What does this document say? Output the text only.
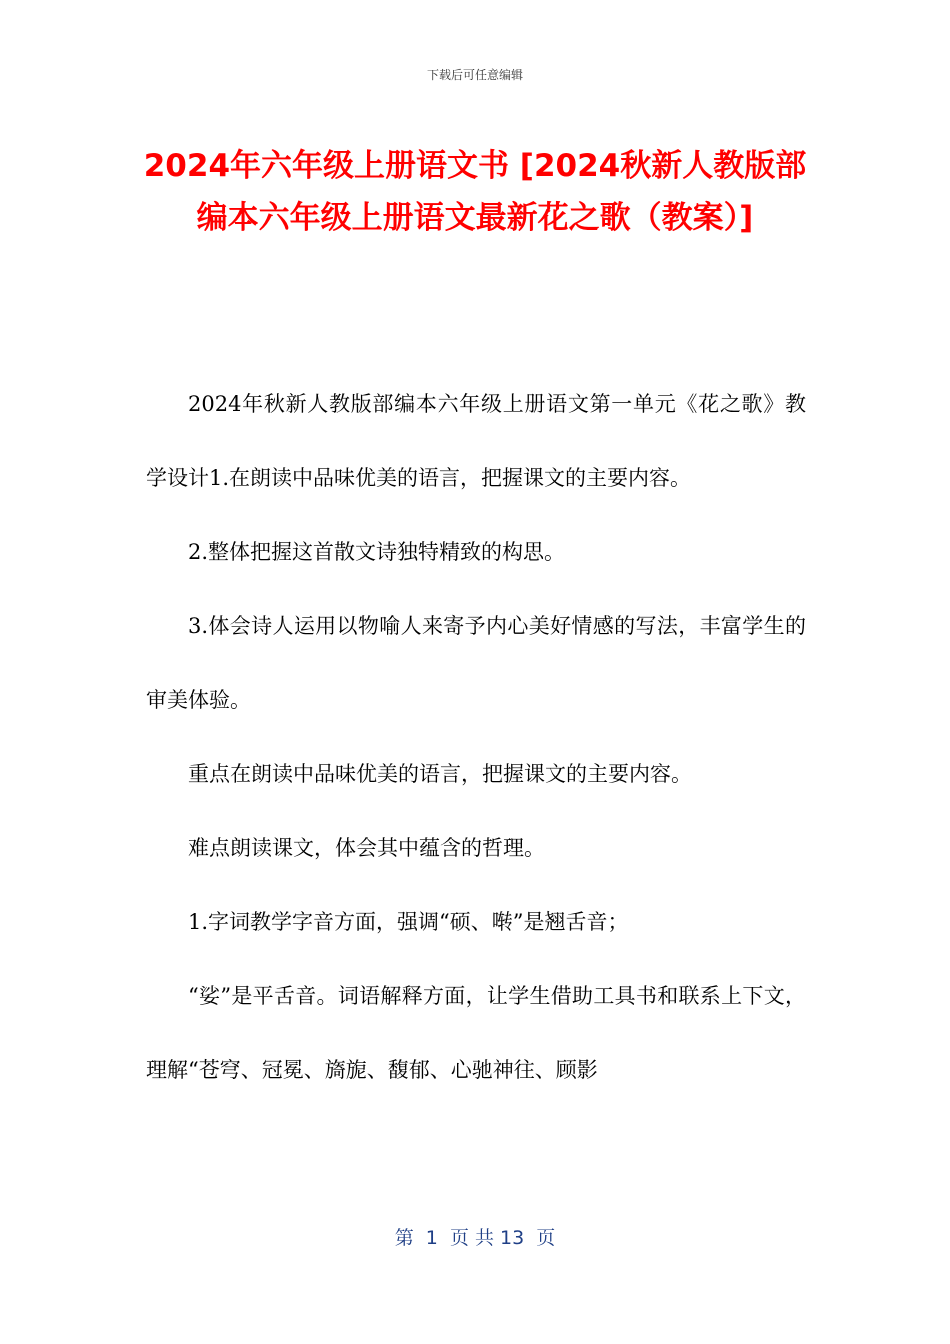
下载后可任意编辑
2024年六年级上册语文书 [2024秋新人教版部编本六年级上册语文最新花之歌（教案）]

2024年秋新人教版部编本六年级上册语文第一单元《花之歌》教学设计1.在朗读中品味优美的语言，把握课文的主要内容。

2.整体把握这首散文诗独特精致的构思。

3.体会诗人运用以物喻人来寄予内心美好情感的写法，丰富学生的审美体验。

重点在朗读中品味优美的语言，把握课文的主要内容。

难点朗读课文，体会其中蕴含的哲理。

1.字词教学字音方面，强调“硕、啭”是翘舌音；

“娑”是平舌音。词语解释方面，让学生借助工具书和联系上下文，理解“苍穹、冠冕、旖旎、馥郁、心驰神往、顾影

第  1  页 共 13  页
